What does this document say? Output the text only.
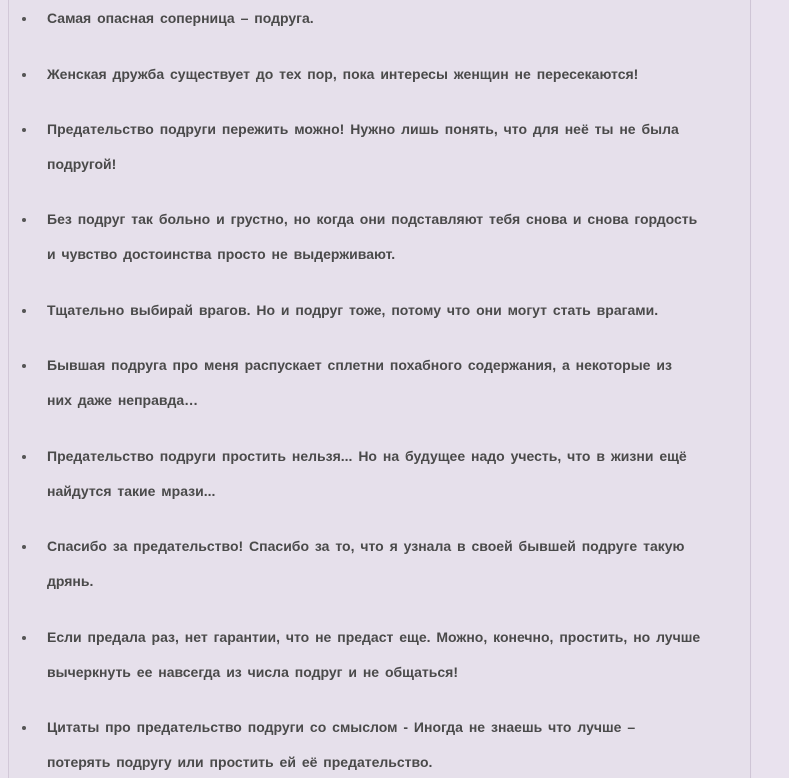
Самая опасная соперница – подруга.
Женская дружба существует до тех пор, пока интересы женщин не пересекаются!
Предательство подруги пережить можно! Нужно лишь понять, что для неё ты не была
подругой!
Без подруг так больно и грустно, но когда они подставляют тебя снова и снова гордость
и чувство достоинства просто не выдерживают.
Тщательно выбирай врагов. Но и подруг тоже, потому что они могут стать врагами.
Бывшая подруга про меня распускает сплетни похабного содержания, а некоторые из
них даже неправда…
Предательство подруги простить нельзя... Но на будущее надо учесть, что в жизни ещё
найдутся такие мрази...
Спасибо за предательство! Спасибо за то, что я узнала в своей бывшей подруге такую
дрянь.
Если предала раз, нет гарантии, что не предаст еще. Можно, конечно, простить, но лучше
вычеркнуть ее навсегда из числа подруг и не общаться!
Цитаты про предательство подруги со смыслом - Иногда не знаешь что лучше –
потерять подругу или простить ей её предательство.
